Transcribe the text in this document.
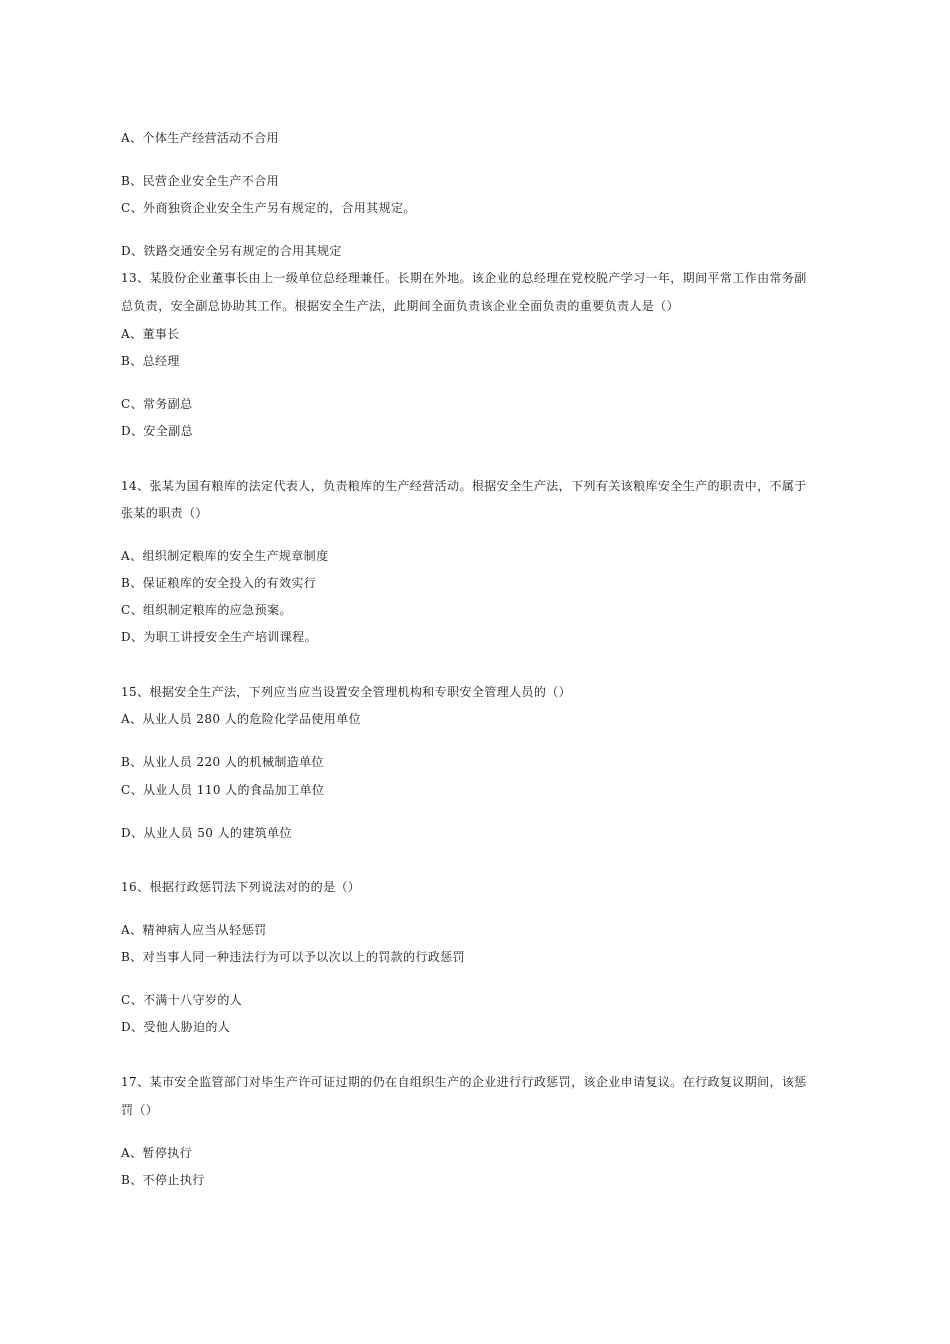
A、个体生产经营活动不合用
B、民营企业安全生产不合用
C、外商独资企业安全生产另有规定的，合用其规定。
D、铁路交通安全另有规定的合用其规定
13、某股份企业董事长由上一级单位总经理兼任。长期在外地。该企业的总经理在党校脱产学习一年，期间平常工作由常务副
总负责，安全副总协助其工作。根据安全生产法，此期间全面负责该企业全面负责的重要负责人是（）
A、董事长
B、总经理
C、常务副总
D、安全副总
14、张某为国有粮库的法定代表人，负责粮库的生产经营活动。根据安全生产法，下列有关该粮库安全生产的职责中，不属于
张某的职责（）
A、组织制定粮库的安全生产规章制度
B、保证粮库的安全投入的有效实行
C、组织制定粮库的应急预案。
D、为职工讲授安全生产培训课程。
15、根据安全生产法，下列应当应当设置安全管理机构和专职安全管理人员的（）
A、从业人员 280 人的危险化学品使用单位
B、从业人员 220 人的机械制造单位
C、从业人员 110 人的食品加工单位
D、从业人员 50 人的建筑单位
16、根据行政惩罚法下列说法对的的是（）
A、精神病人应当从轻惩罚
B、对当事人同一种违法行为可以予以次以上的罚款的行政惩罚
C、不满十八守岁的人
D、受他人胁迫的人
17、某市安全监管部门对毕生产许可证过期的仍在自组织生产的企业进行行政惩罚，该企业申请复议。在行政复议期间，该惩
罚（）
A、暂停执行
B、不停止执行
